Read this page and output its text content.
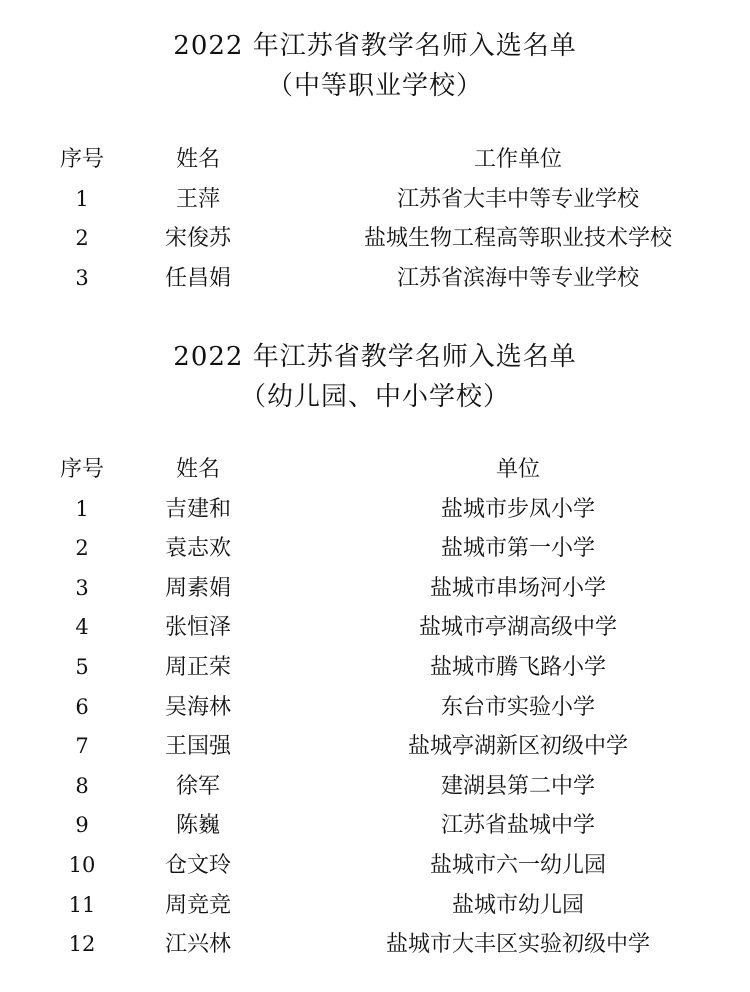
2022 年江苏省教学名师入选名单
（中等职业学校）
序号	姓名	工作单位
1	王萍	江苏省大丰中等专业学校
2	宋俊苏	盐城生物工程高等职业技术学校
3	任昌娟	江苏省滨海中等专业学校
2022 年江苏省教学名师入选名单
（幼儿园、中小学校）
序号	姓名	单位
1	吉建和	盐城市步凤小学
2	袁志欢	盐城市第一小学
3	周素娟	盐城市串场河小学
4	张恒泽	盐城市亭湖高级中学
5	周正荣	盐城市腾飞路小学
6	吴海林	东台市实验小学
7	王国强	盐城亭湖新区初级中学
8	徐军	建湖县第二中学
9	陈巍	江苏省盐城中学
10	仓文玲	盐城市六一幼儿园
11	周竞竞	盐城市幼儿园
12	江兴林	盐城市大丰区实验初级中学
